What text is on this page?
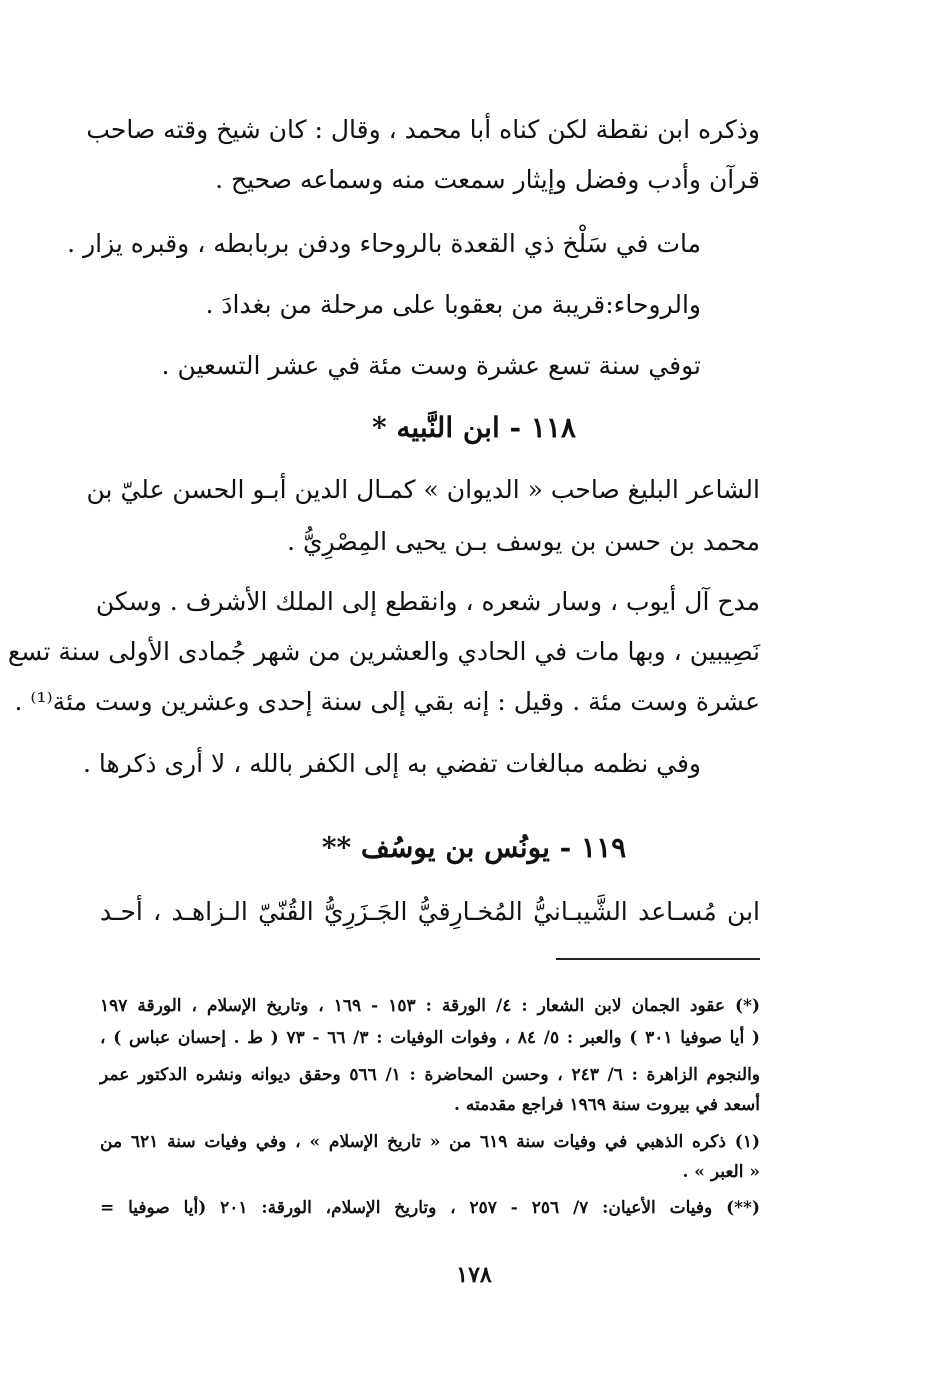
وذكره ابن نقطة لكن كناه أبا محمد ، وقال : كان شيخ وقته صاحب
قرآن وأدب وفضل وإيثار سمعت منه وسماعه صحيح .
مات في سَلْخ ذي القعدة بالروحاء ودفن بربابطه ، وقبره يزار .
والروحاء:قريبة من بعقوبا على مرحلة من بغدادَ .
توفي سنة تسع عشرة وست مئة في عشر التسعين .
١١٨ - ابن النَّبيه *
الشاعر البليغ صاحب « الديوان » كمـال الدين أبـو الحسن عليّ بن
محمد بن حسن بن يوسف بـن يحيى المِصْرِيُّ .
مدح آل أيوب ، وسار شعره ، وانقطع إلى الملك الأشرف . وسكن
نَصِيبين ، وبها مات في الحادي والعشرين من شهر جُمادى الأولى سنة تسع
عشرة وست مئة . وقيل : إنه بقي إلى سنة إحدى وعشرين وست مئة⁽¹⁾ .
وفي نظمه مبالغات تفضي به إلى الكفر بالله ، لا أرى ذكرها .
١١٩ - يونُس بن يوسُف **
ابن مُسـاعد الشَّيبـانيُّ المُخـارِقيُّ الجَـزَرِيُّ القُنّيّ الـزاهـد ، أحـد
(*) عقود الجمان لابن الشعار : ٤/ الورقة : ١٥٣ - ١٦٩ ، وتاريخ الإسلام ، الورقة ١٩٧
( أيا صوفيا ٣٠١ ) والعبر : ٥/ ٨٤ ، وفوات الوفيات : ٣/ ٦٦ - ٧٣ ( ط . إحسان عباس ) ،
والنجوم الزاهرة : ٦/ ٢٤٣ ، وحسن المحاضرة : ١/ ٥٦٦ وحقق ديوانه ونشره الدكتور عمر
أسعد في بيروت سنة ١٩٦٩ فراجع مقدمته .
(١) ذكره الذهبي في وفيات سنة ٦١٩ من « تاريخ الإسلام » ، وفي وفيات سنة ٦٢١ من
« العبر » .
(**) وفيات الأعيان: ٧/ ٢٥٦ - ٢٥٧ ، وتاريخ الإسلام، الورقة: ٢٠١ (أيا صوفيا =
١٧٨
